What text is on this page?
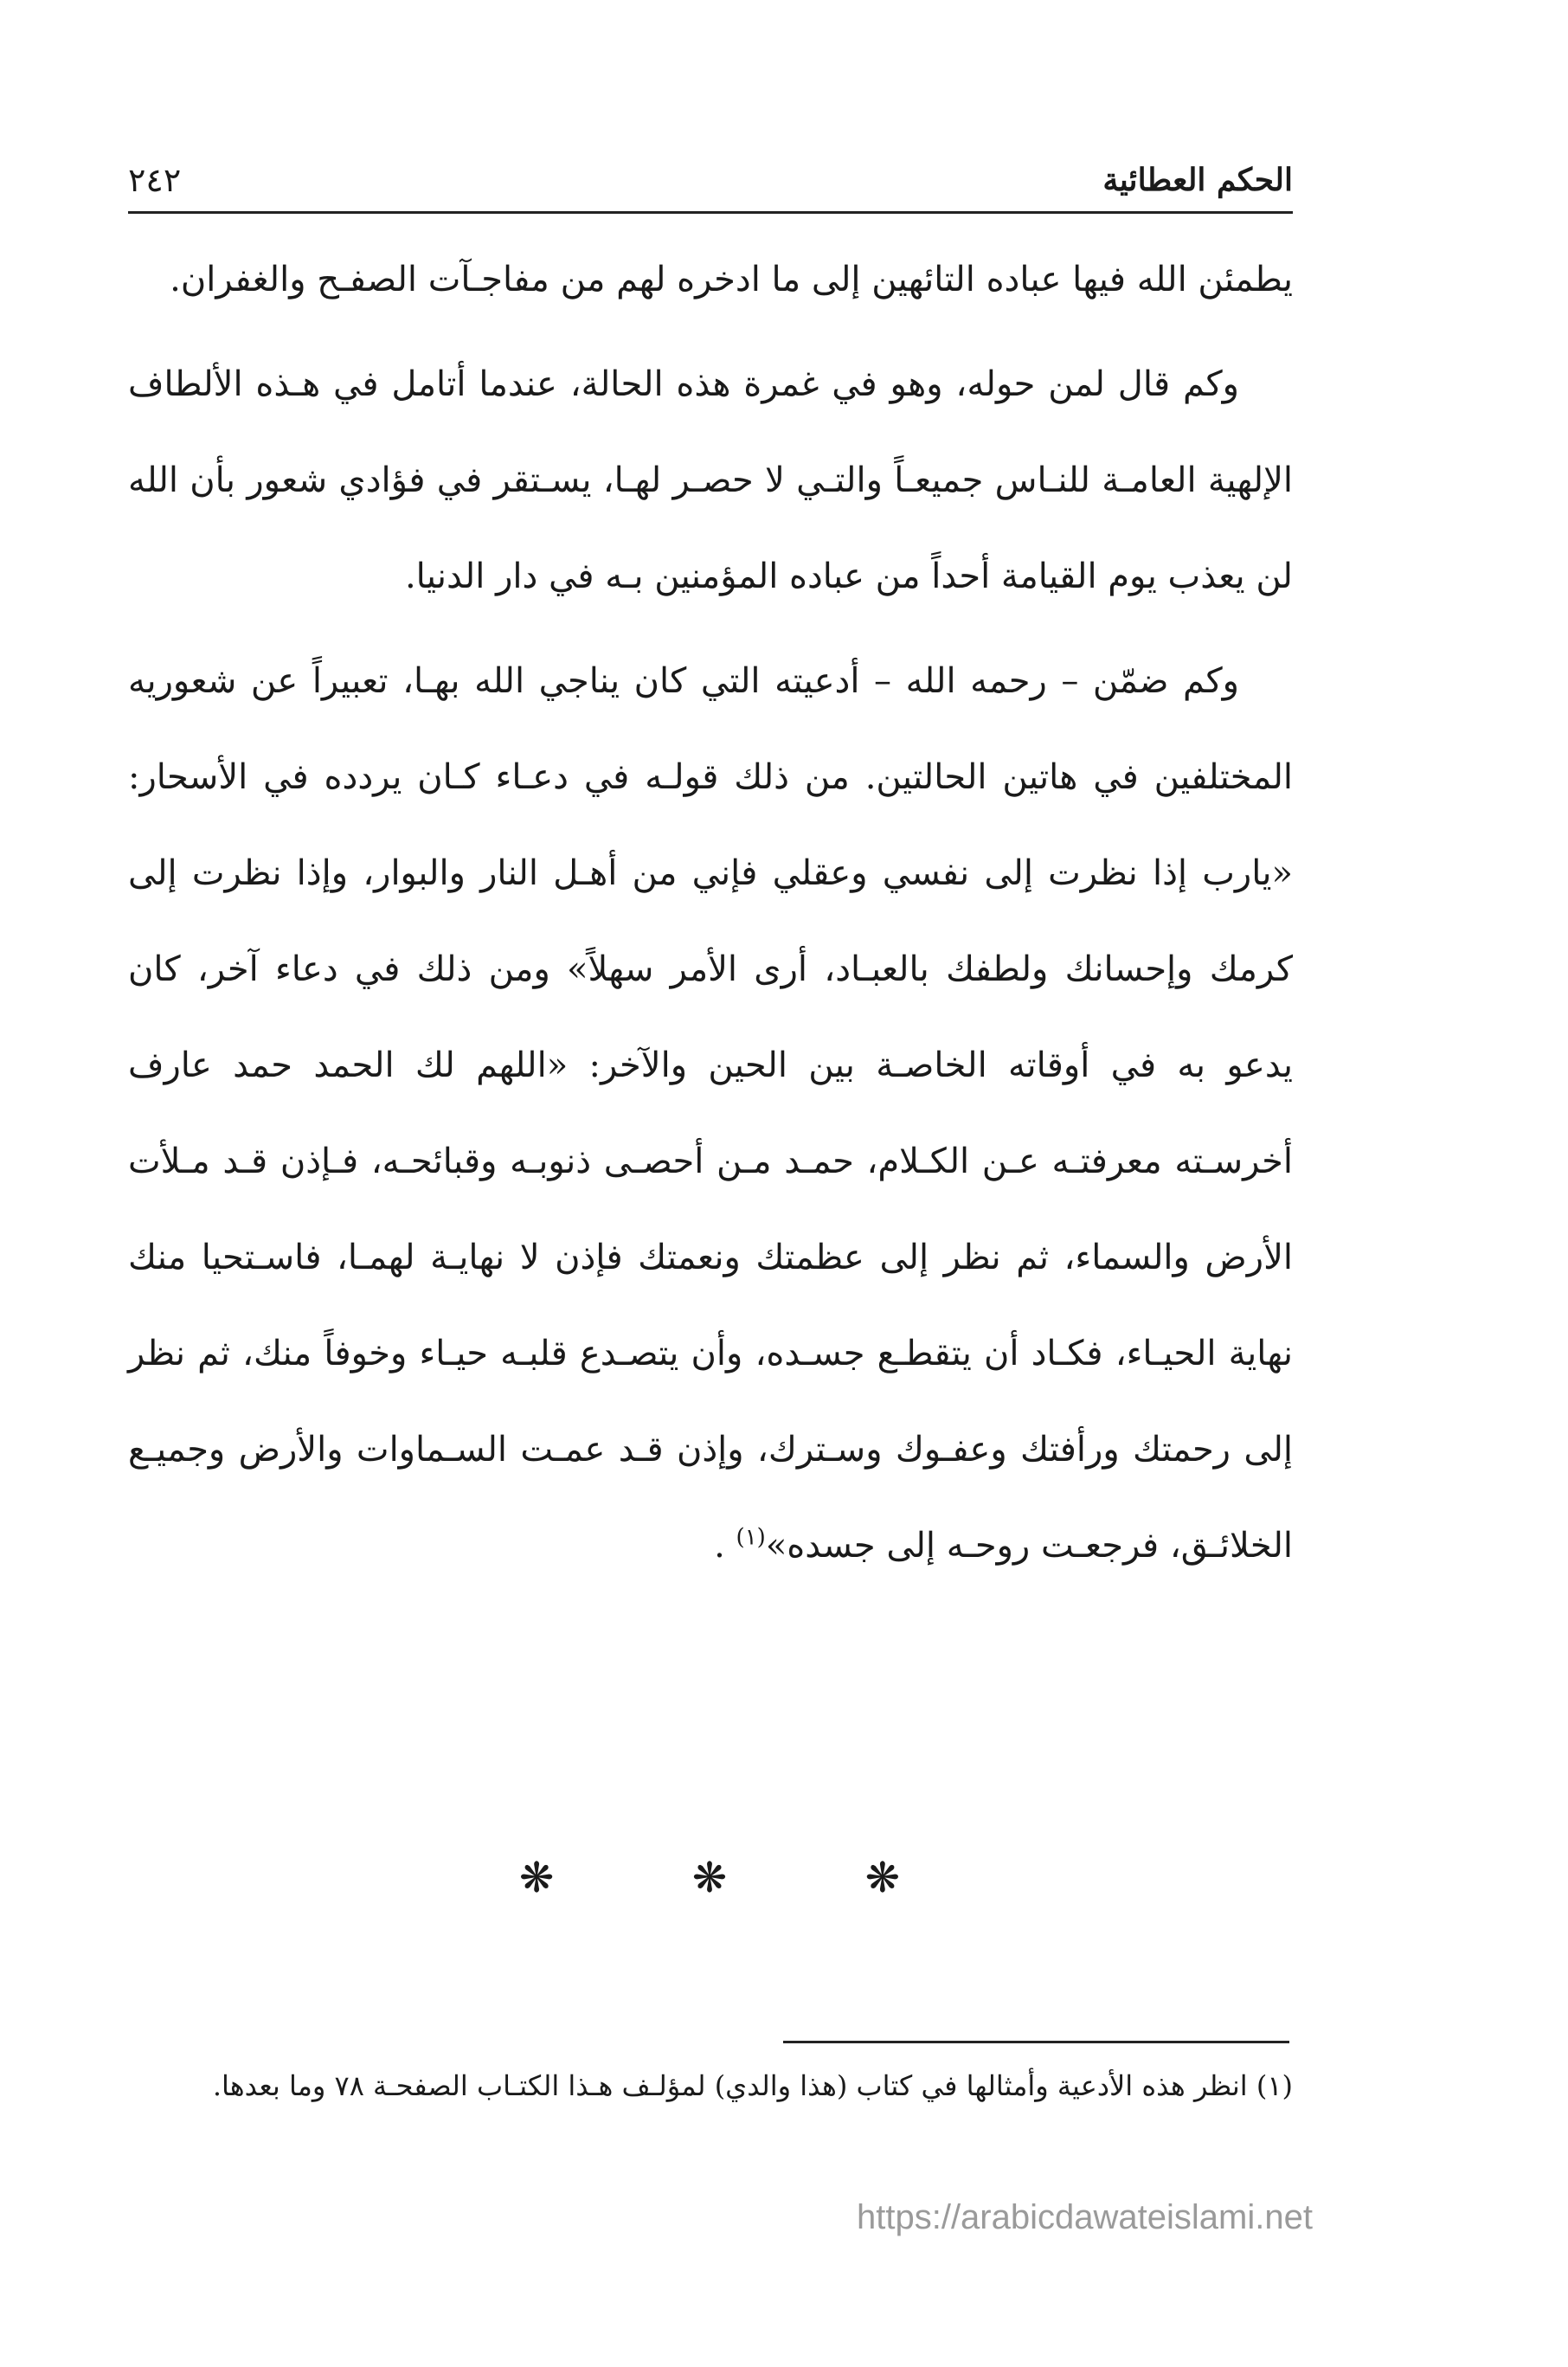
الحكم العطائية
٢٤٢

يطمئن الله فيها عباده التائهين إلى ما ادخره لهم من مفاجـآت الصفـح والغفران.

وكم قال لمن حوله، وهو في غمرة هذه الحالة، عندما أتامل في هـذه الألطاف الإلهية العامـة للنـاس جميعـاً والتـي لا حصـر لهـا، يسـتقر في فؤادي شعور بأن الله لن يعذب يوم القيامة أحداً من عباده المؤمنين بـه في دار الدنيا.

وكم ضمّن – رحمه الله – أدعيته التي كان يناجي الله بهـا، تعبيراً عن شعوريه المختلفين في هاتين الحالتين. من ذلك قولـه في دعـاء كـان يردده في الأسحار: «يارب إذا نظرت إلى نفسي وعقلي فإني من أهـل النار والبوار، وإذا نظرت إلى كرمك وإحسانك ولطفك بالعبـاد، أرى الأمر سهلاً» ومن ذلك في دعاء آخر، كان يدعو به في أوقاته الخاصـة بين الحين والآخر: «اللهم لك الحمد حمد عارف أخرسـته معرفتـه عـن الكـلام، حمـد مـن أحصـى ذنوبـه وقبائحـه، فـإذن قـد مـلأت الأرض والسماء، ثم نظر إلى عظمتك ونعمتك فإذن لا نهايـة لهمـا، فاسـتحيا منك نهاية الحيـاء، فكـاد أن يتقطـع جسـده، وأن يتصـدع قلبـه حيـاء وخوفاً منك، ثم نظر إلى رحمتك ورأفتك وعفـوك وسـترك، وإذن قـد عمـت السـماوات والأرض وجميـع الخلائـق، فرجعـت روحـه إلى جسده»$^{(١)}$ .

❋	❋	❋
(١) انظر هذه الأدعية وأمثالها في كتاب (هذا والدي) لمؤلـف هـذا الكتـاب الصفحـة ٧٨ وما بعدها.
https://arabicdawateislami.net
